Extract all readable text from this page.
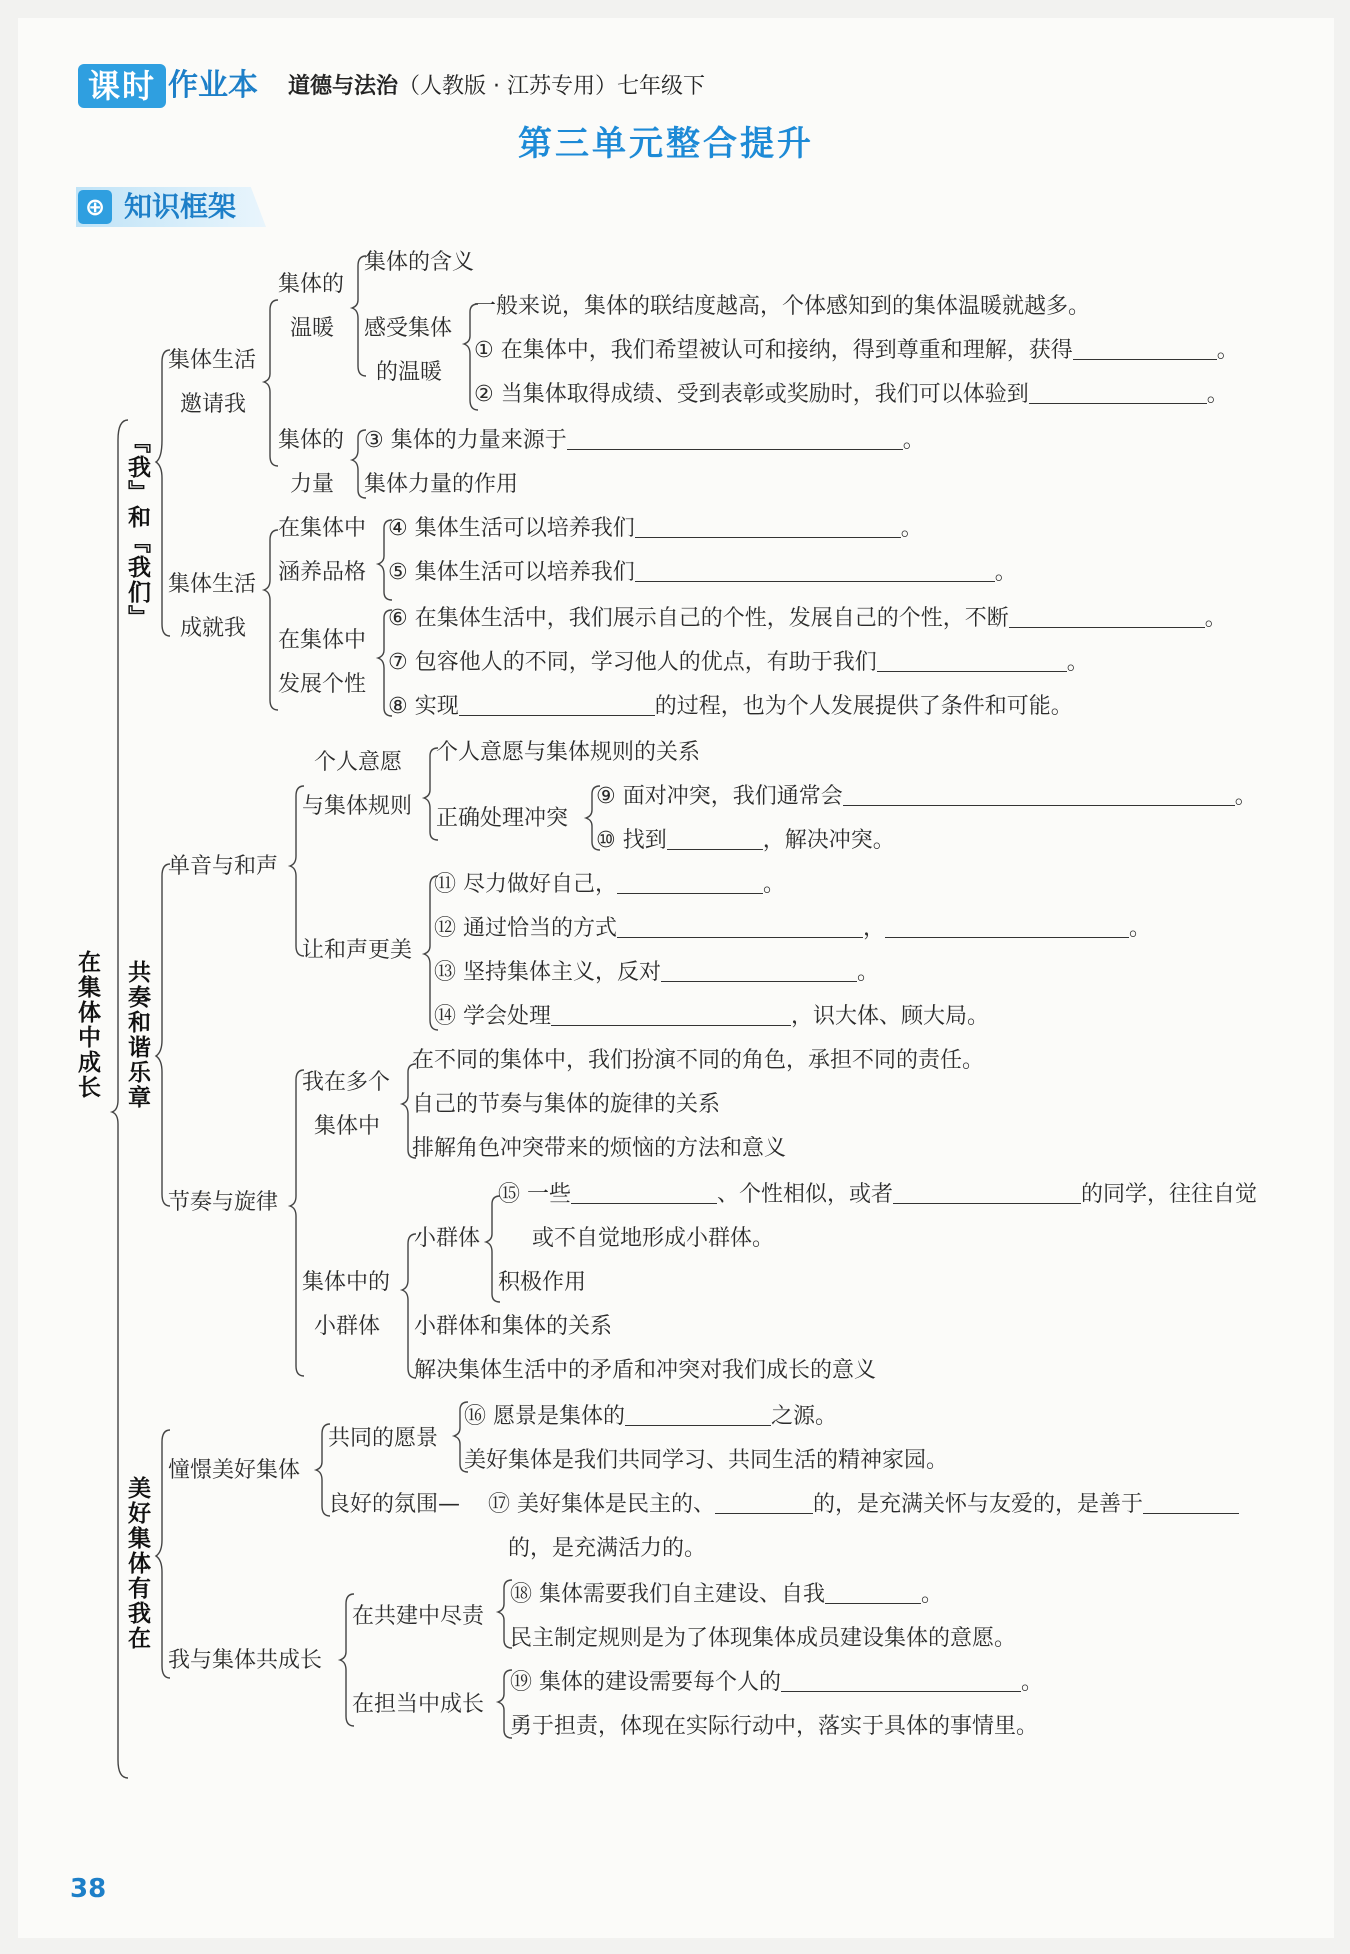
课时 作业本 道德与法治（人教版 · 江苏专用）七年级下
第三单元整合提升
⊕ 知识框架
在集体中成长
『我』和『我们』
共奏和谐乐章
美好集体有我在
集体生活
邀请我
集体生活
成就我
集体的
温暖
集体的
力量
在集体中
涵养品格
在集体中
发展个性
集体的含义
感受集体
的温暖
一般来说，集体的联结度越高，个体感知到的集体温暖就越多。
① 在集体中，我们希望被认可和接纳，得到尊重和理解，获得	。
② 当集体取得成绩、受到表彰或奖励时，我们可以体验到	。
③ 集体的力量来源于	。
集体力量的作用
④ 集体生活可以培养我们	。
⑤ 集体生活可以培养我们	。
⑥ 在集体生活中，我们展示自己的个性，发展自己的个性，不断	。
⑦ 包容他人的不同，学习他人的优点，有助于我们	。
⑧ 实现	的过程，也为个人发展提供了条件和可能。
单音与和声
个人意愿
与集体规则
个人意愿与集体规则的关系
正确处理冲突
⑨ 面对冲突，我们通常会	。
⑩ 找到	，解决冲突。
让和声更美
⑪ 尽力做好自己，	。
⑫ 通过恰当的方式	，	。
⑬ 坚持集体主义，反对	。
⑭ 学会处理	，识大体、顾大局。
节奏与旋律
我在多个
集体中
在不同的集体中，我们扮演不同的角色，承担不同的责任。
自己的节奏与集体的旋律的关系
排解角色冲突带来的烦恼的方法和意义
集体中的
小群体
小群体
⑮ 一些	、个性相似，或者	的同学，往往自觉
或不自觉地形成小群体。
积极作用
小群体和集体的关系
解决集体生活中的矛盾和冲突对我们成长的意义
憧憬美好集体
共同的愿景
⑯ 愿景是集体的	之源。
美好集体是我们共同学习、共同生活的精神家园。
良好的氛围— ⑰ 美好集体是民主的、	的，是充满关怀与友爱的，是善于
的，是充满活力的。
我与集体共成长
在共建中尽责
⑱ 集体需要我们自主建设、自我	。
民主制定规则是为了体现集体成员建设集体的意愿。
在担当中成长
⑲ 集体的建设需要每个人的	。
勇于担责，体现在实际行动中，落实于具体的事情里。
38
